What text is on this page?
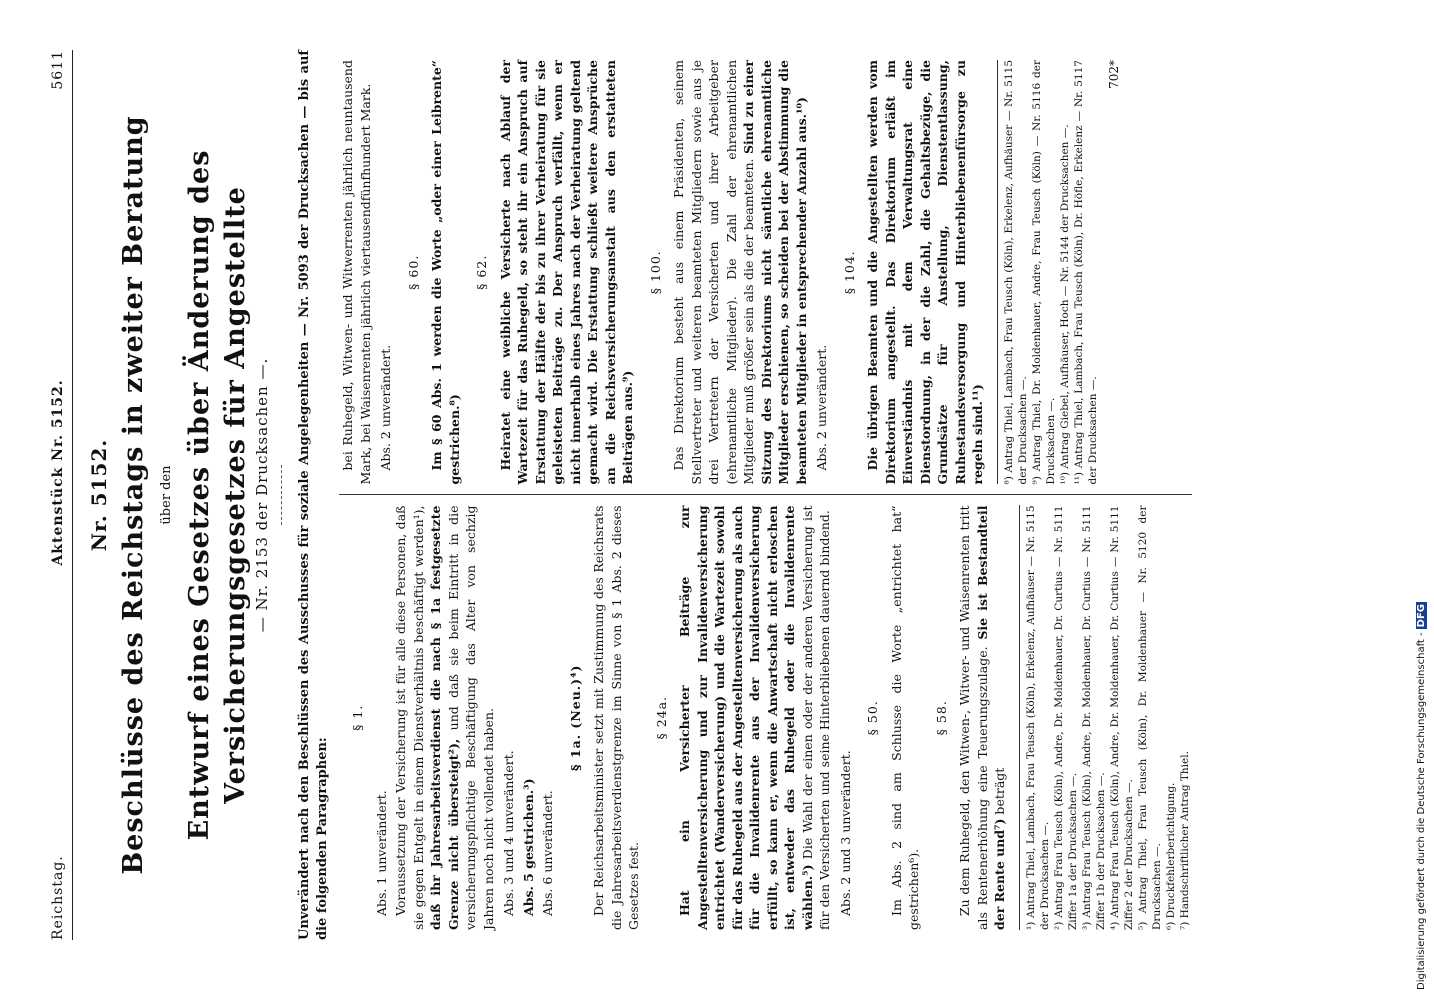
Reichstag.
Aktenstück Nr. 5152.
5611
Nr. 5152. Beschlüsse des Reichstags in zweiter Beratung über den Entwurf eines Gesetzes über Änderung des Versicherungsgesetzes für Angestellte — Nr. 2153 der Drucksachen —. Unverändert nach den Beschlüssen des Ausschusses für soziale Angelegenheiten — Nr. 5093 der Drucksachen — bis auf die folgenden Paragraphen:
§ 1.

Abs. 1 unverändert. Voraussetzung der Versicherung ist für alle diese Personen, daß sie gegen Entgelt in einem Dienstverhältnis beschäftigt werden¹), daß ihr Jahresarbeitsverdienst die nach § 1a festgesetzte Grenze nicht übersteigt²), und daß sie beim Eintritt in die versicherungspflichtige Beschäftigung das Alter von sechzig Jahren noch nicht vollendet haben. Abs. 3 und 4 unverändert. Abs. 5 gestrichen.³) Abs. 6 unverändert.

§ 1a. (Neu.)⁴) Der Reichsarbeitsminister setzt mit Zustimmung des Reichsrats die Jahresarbeitsverdienstgrenze im Sinne von § 1 Abs. 2 dieses Gesetzes fest.

§ 24a. Hat ein Versicherter Beiträge zur Angestelltenversicherung und zur Invalidenversicherung entrichtet (Wanderversicherung) und die Wartezeit sowohl für das Ruhegeld aus der Angestelltenversicherung als auch für die Invalidenrente aus der Invalidenversicherung erfüllt, so kann er, wenn die Anwartschaft nicht erloschen ist, entweder das Ruhegeld oder die Invalidenrente wählen.⁵) Die Wahl der einen oder der anderen Versicherung ist für den Versicherten und seine Hinterbliebenen dauernd bindend. Abs. 2 und 3 unverändert.

§ 50. Im Abs. 2 sind am Schlusse die Worte „entrichtet hat“ gestrichen⁶).

§ 58. Zu dem Ruhegeld, den Witwen-, Witwer- und Waisenrenten tritt als Rentenerhöhung eine Teuerungszulage. Sie ist Bestandteil der Rente und⁷) beträgt ¹) Antrag Thiel, Lambach, Frau Teusch (Köln), Erkelenz, Aufhäuser — Nr. 5115 der Drucksachen —. ²) Antrag Frau Teusch (Köln), Andre, Dr. Moldenhauer, Dr. Curtius — Nr. 5111 Ziffer 1a der Drucksachen —. ³) Antrag Frau Teusch (Köln), Andre, Dr. Moldenhauer, Dr. Curtius — Nr. 5111 Ziffer 1b der Drucksachen —. ⁴) Antrag Frau Teusch (Köln), Andre, Dr. Moldenhauer, Dr. Curtius — Nr. 5111 Ziffer 2 der Drucksachen —. ⁵) Antrag Thiel, Frau Teusch (Köln), Dr. Moldenhauer — Nr. 5120 der Drucksachen —. ⁶) Druckfehlerberichtigung. ⁷) Handschriftlicher Antrag Thiel.

bei Ruhegeld, Witwen- und Witwerrenten jährlich neuntausend Mark, bei Waisenrenten jährlich viertausendfünfhundert Mark. Abs. 2 unverändert.

§ 60. Im § 60 Abs. 1 werden die Worte „oder einer Leibrente“ gestrichen.⁸)

§ 62. Heiratet eine weibliche Versicherte nach Ablauf der Wartezeit für das Ruhegeld, so steht ihr ein Anspruch auf Erstattung der Hälfte der bis zu ihrer Verheiratung für sie geleisteten Beiträge zu. Der Anspruch verfällt, wenn er nicht innerhalb eines Jahres nach der Verheiratung geltend gemacht wird. Die Erstattung schließt weitere Ansprüche an die Reichsversicherungsanstalt aus den erstatteten Beiträgen aus.⁹)

§ 100. Das Direktorium besteht aus einem Präsidenten, seinem Stellvertreter und weiteren beamteten Mitgliedern sowie aus je drei Vertretern der Versicherten und ihrer Arbeitgeber (ehrenamtliche Mitglieder). Die Zahl der ehrenamtlichen Mitglieder muß größer sein als die der beamteten. Sind zu einer Sitzung des Direktoriums nicht sämtliche ehrenamtliche Mitglieder erschienen, so scheiden bei der Abstimmung die beamteten Mitglieder in entsprechender Anzahl aus.¹⁰) Abs. 2 unverändert.

§ 104. Die übrigen Beamten und die Angestellten werden vom Direktorium angestellt. Das Direktorium erläßt im Einverständnis mit dem Verwaltungsrat eine Dienstordnung, in der die Zahl, die Gehaltsbezüge, die Grundsätze für Anstellung, Dienstentlassung, Ruhestandsversorgung und Hinterbliebenenfürsorge zu regeln sind.¹¹) ⁸) Antrag Thiel, Lambach, Frau Teusch (Köln), Erkelenz, Aufhäuser — Nr. 5115 der Drucksachen —. ⁹) Antrag Thiel, Dr. Moldenhauer, Andre, Frau Teusch (Köln) — Nr. 5116 der Drucksachen —. ¹⁰) Antrag Giebel, Aufhäuser, Hoch — Nr. 5144 der Drucksachen —. ¹¹) Antrag Thiel, Lambach, Frau Teusch (Köln), Dr. Höfle, Erkelenz — Nr. 5117 der Drucksachen —.

702*
Digitalisierung gefördert durch die Deutsche Forschungsgemeinschaft -DFG
